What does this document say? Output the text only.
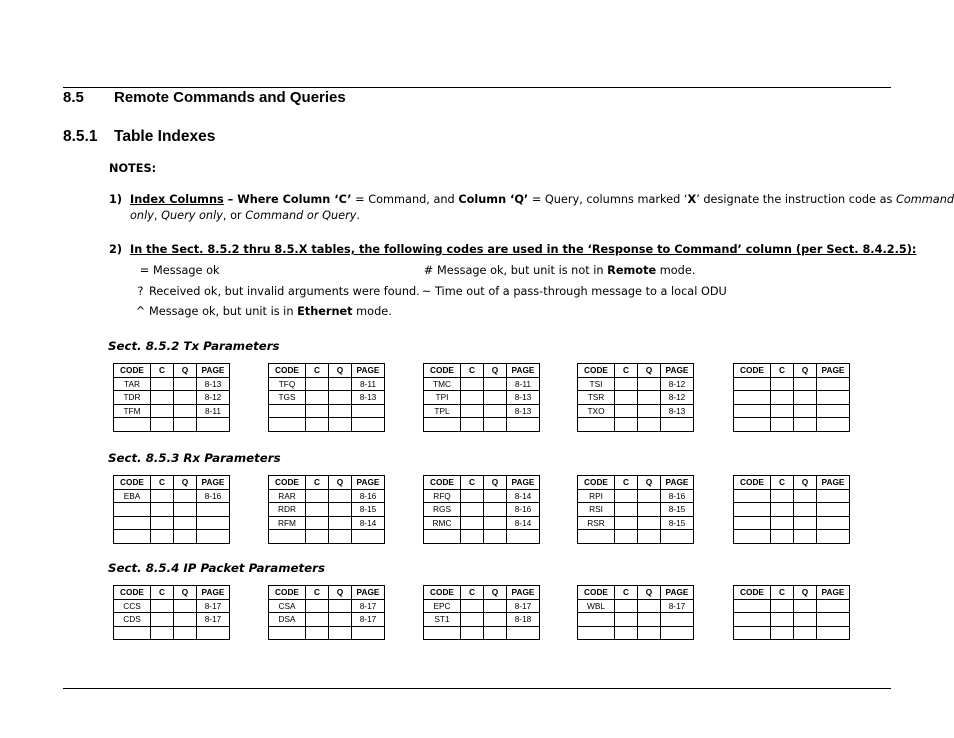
8.5 Remote Commands and Queries
8.5.1 Table Indexes
NOTES:
1) Index Columns – Where Column ‘C’ = Command, and Column ‘Q’ = Query, columns marked ‘X’ designate the instruction code as Command
only, Query only, or Command or Query.
2) In the Sect. 8.5.2 thru 8.5.X tables, the following codes are used in the ‘Response to Command’ column (per Sect. 8.4.2.5):
= Message ok	# Message ok, but unit is not in Remote mode.
? Received ok, but invalid arguments were found. ~ Time out of a pass-through message to a local ODU
^ Message ok, but unit is in Ethernet mode.
Sect. 8.5.2 Tx Parameters
Sect. 8.5.3 Rx Parameters
Sect. 8.5.4 IP Packet Parameters
CODE	C	Q	PAGE
TAR			8-13
TDR			8-12
TFM			8-11

CODE	C	Q	PAGE
TFQ			8-11
TGS			8-13

CODE	C	Q	PAGE
TMC			8-11
TPI			8-13
TPL			8-13

CODE	C	Q	PAGE
TSI			8-12
TSR			8-12
TXO			8-13

CODE	C	Q	PAGE

CODE	C	Q	PAGE
EBA			8-16

CODE	C	Q	PAGE
RAR			8-16
RDR			8-15
RFM			8-14

CODE	C	Q	PAGE
RFQ			8-14
RGS			8-16
RMC			8-14

CODE	C	Q	PAGE
RPI			8-16
RSI			8-15
RSR			8-15

CODE	C	Q	PAGE

CODE	C	Q	PAGE
CCS			8-17
CDS			8-17

CODE	C	Q	PAGE
CSA			8-17
DSA			8-17

CODE	C	Q	PAGE
EPC			8-17
ST1			8-18

CODE	C	Q	PAGE
WBL			8-17

CODE	C	Q	PAGE
